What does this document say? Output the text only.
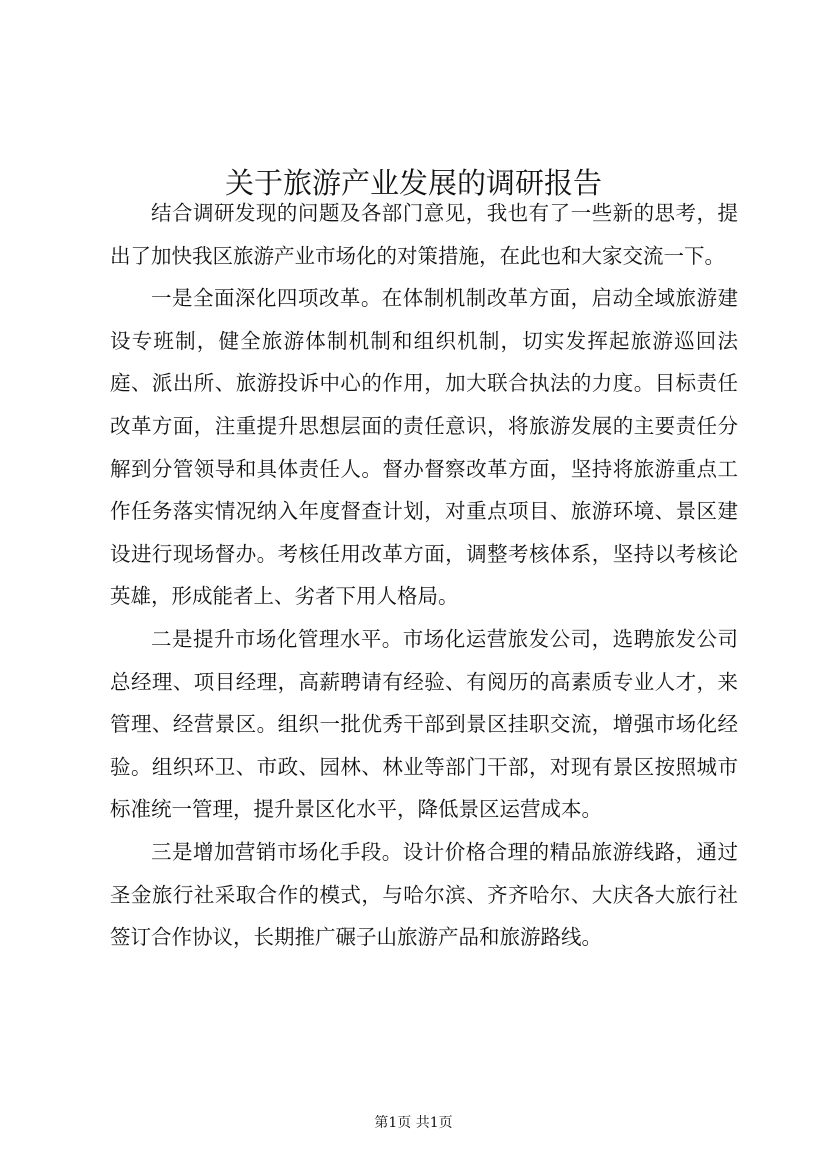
关于旅游产业发展的调研报告

结合调研发现的问题及各部门意见，我也有了一些新的思考，提出了加快我区旅游产业市场化的对策措施，在此也和大家交流一下。

一是全面深化四项改革。在体制机制改革方面，启动全域旅游建设专班制，健全旅游体制机制和组织机制，切实发挥起旅游巡回法庭、派出所、旅游投诉中心的作用，加大联合执法的力度。目标责任改革方面，注重提升思想层面的责任意识，将旅游发展的主要责任分解到分管领导和具体责任人。督办督察改革方面，坚持将旅游重点工作任务落实情况纳入年度督查计划，对重点项目、旅游环境、景区建设进行现场督办。考核任用改革方面，调整考核体系，坚持以考核论英雄，形成能者上、劣者下用人格局。

二是提升市场化管理水平。市场化运营旅发公司，选聘旅发公司总经理、项目经理，高薪聘请有经验、有阅历的高素质专业人才，来管理、经营景区。组织一批优秀干部到景区挂职交流，增强市场化经验。组织环卫、市政、园林、林业等部门干部，对现有景区按照城市标准统一管理，提升景区化水平，降低景区运营成本。

三是增加营销市场化手段。设计价格合理的精品旅游线路，通过圣金旅行社采取合作的模式，与哈尔滨、齐齐哈尔、大庆各大旅行社签订合作协议，长期推广碾子山旅游产品和旅游路线。

第1页 共1页
